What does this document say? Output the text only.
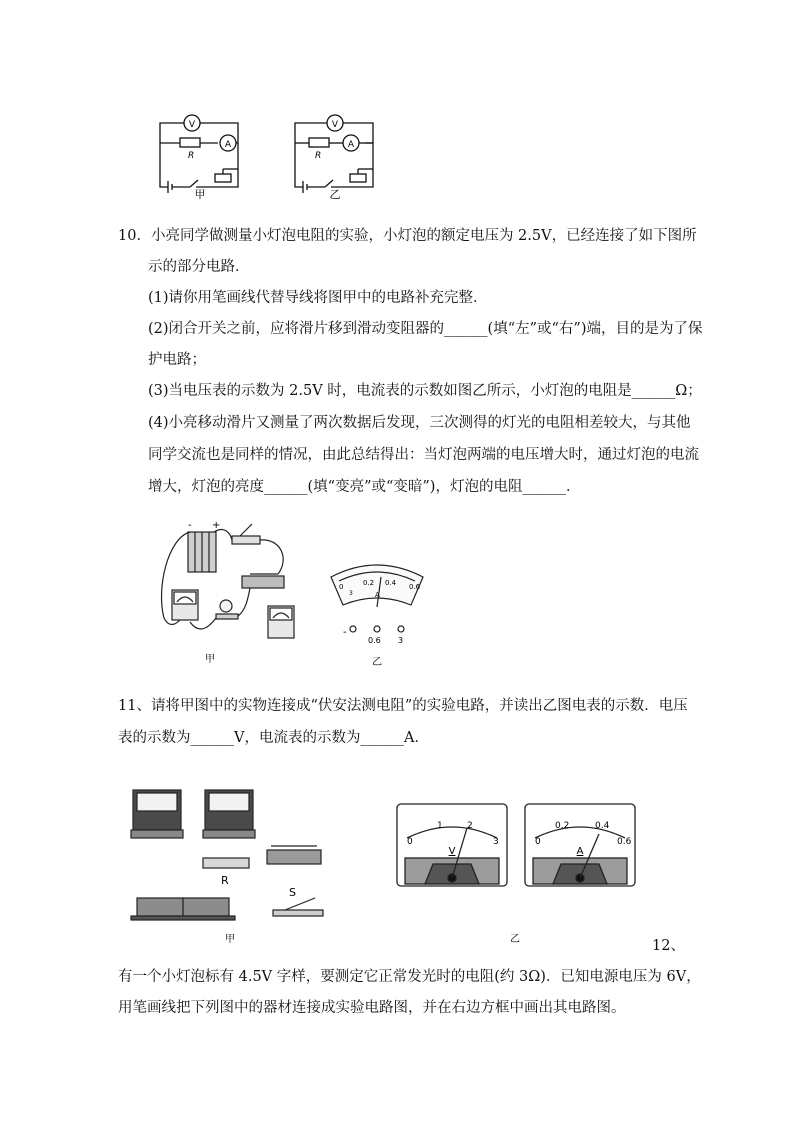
V
A
R
甲
V
A
R
乙
10．小亮同学做测量小灯泡电阻的实验，小灯泡的额定电压为 2.5V，已经连接了如下图所
示的部分电路．
(1)请你用笔画线代替导线将图甲中的电路补充完整．
(2)闭合开关之前，应将滑片移到滑动变阻器的______(填“左”或“右”)端，目的是为了保
护电路；
(3)当电压表的示数为 2.5V 时，电流表的示数如图乙所示，小灯泡的电阻是______Ω；
(4)小亮移动滑片又测量了两次数据后发现，三次测得的灯光的电阻相差较大，与其他
同学交流也是同样的情况，由此总结得出：当灯泡两端的电压增大时，通过灯泡的电流
增大，灯泡的亮度______(填“变亮”或“变暗”)，灯泡的电阻______．
- +
甲
0	0.2 0.4 0.6
3	A
-
0.6 3
乙
11、请将甲图中的实物连接成“伏安法测电阻”的实验电路，并读出乙图电表的示数．电压
表的示数为______V，电流表的示数为______A．
R
S
甲
0
1	2
3
V
0
0.2	0.4
0.6
A
乙	12、
有一个小灯泡标有 4.5V 字样，要测定它正常发光时的电阻(约 3Ω)．已知电源电压为 6V，
用笔画线把下列图中的器材连接成实验电路图，并在右边方框中画出其电路图。
